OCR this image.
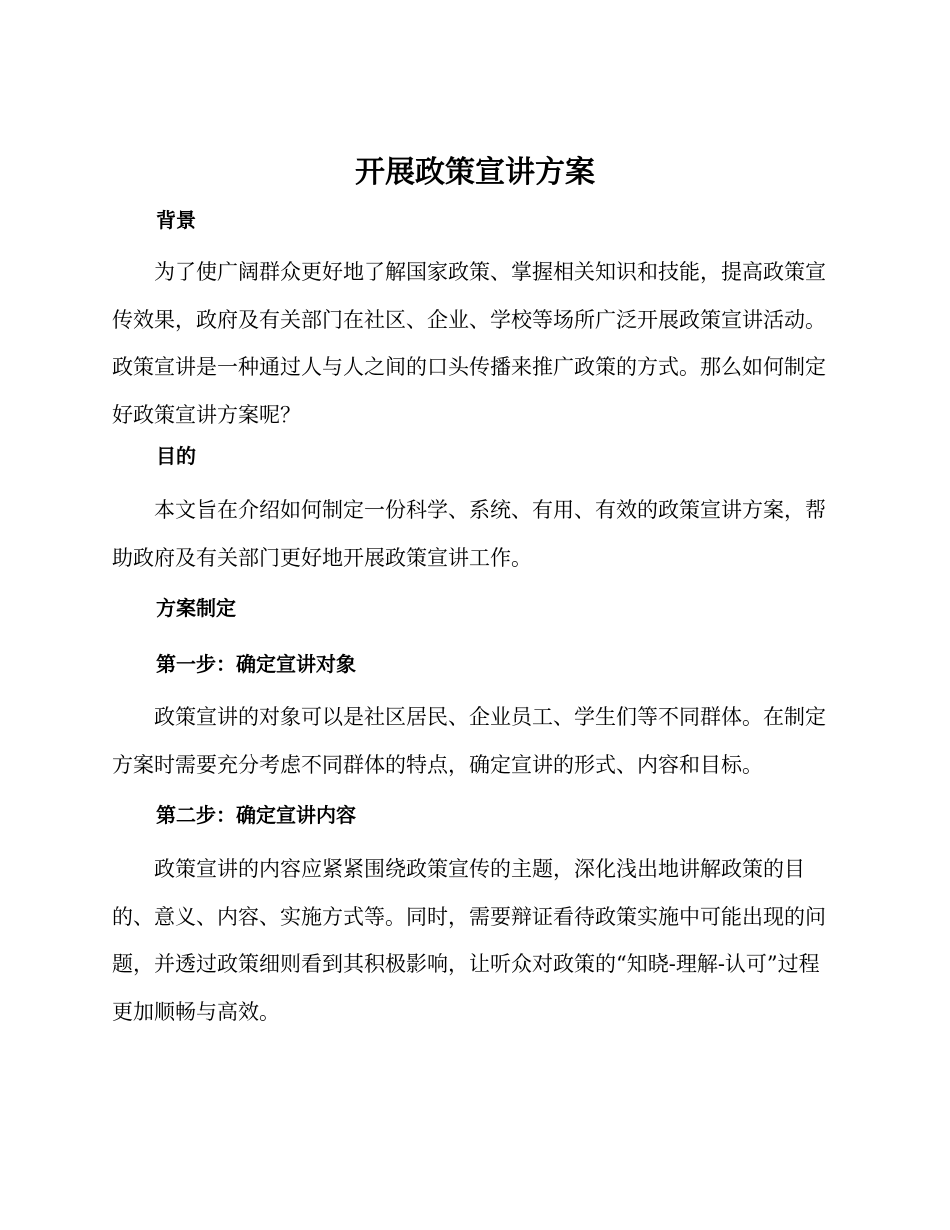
开展政策宣讲方案
背景

为了使广阔群众更好地了解国家政策、掌握相关知识和技能，提高政策宣传效果，政府及有关部门在社区、企业、学校等场所广泛开展政策宣讲活动。政策宣讲是一种通过人与人之间的口头传播来推广政策的方式。那么如何制定好政策宣讲方案呢？

目的

本文旨在介绍如何制定一份科学、系统、有用、有效的政策宣讲方案，帮助政府及有关部门更好地开展政策宣讲工作。

方案制定
第一步：确定宣讲对象

政策宣讲的对象可以是社区居民、企业员工、学生们等不同群体。在制定方案时需要充分考虑不同群体的特点，确定宣讲的形式、内容和目标。

第二步：确定宣讲内容

政策宣讲的内容应紧紧围绕政策宣传的主题，深化浅出地讲解政策的目的、意义、内容、实施方式等。同时，需要辩证看待政策实施中可能出现的问题，并透过政策细则看到其积极影响，让听众对政策的“知晓-理解-认可”过程更加顺畅与高效。
